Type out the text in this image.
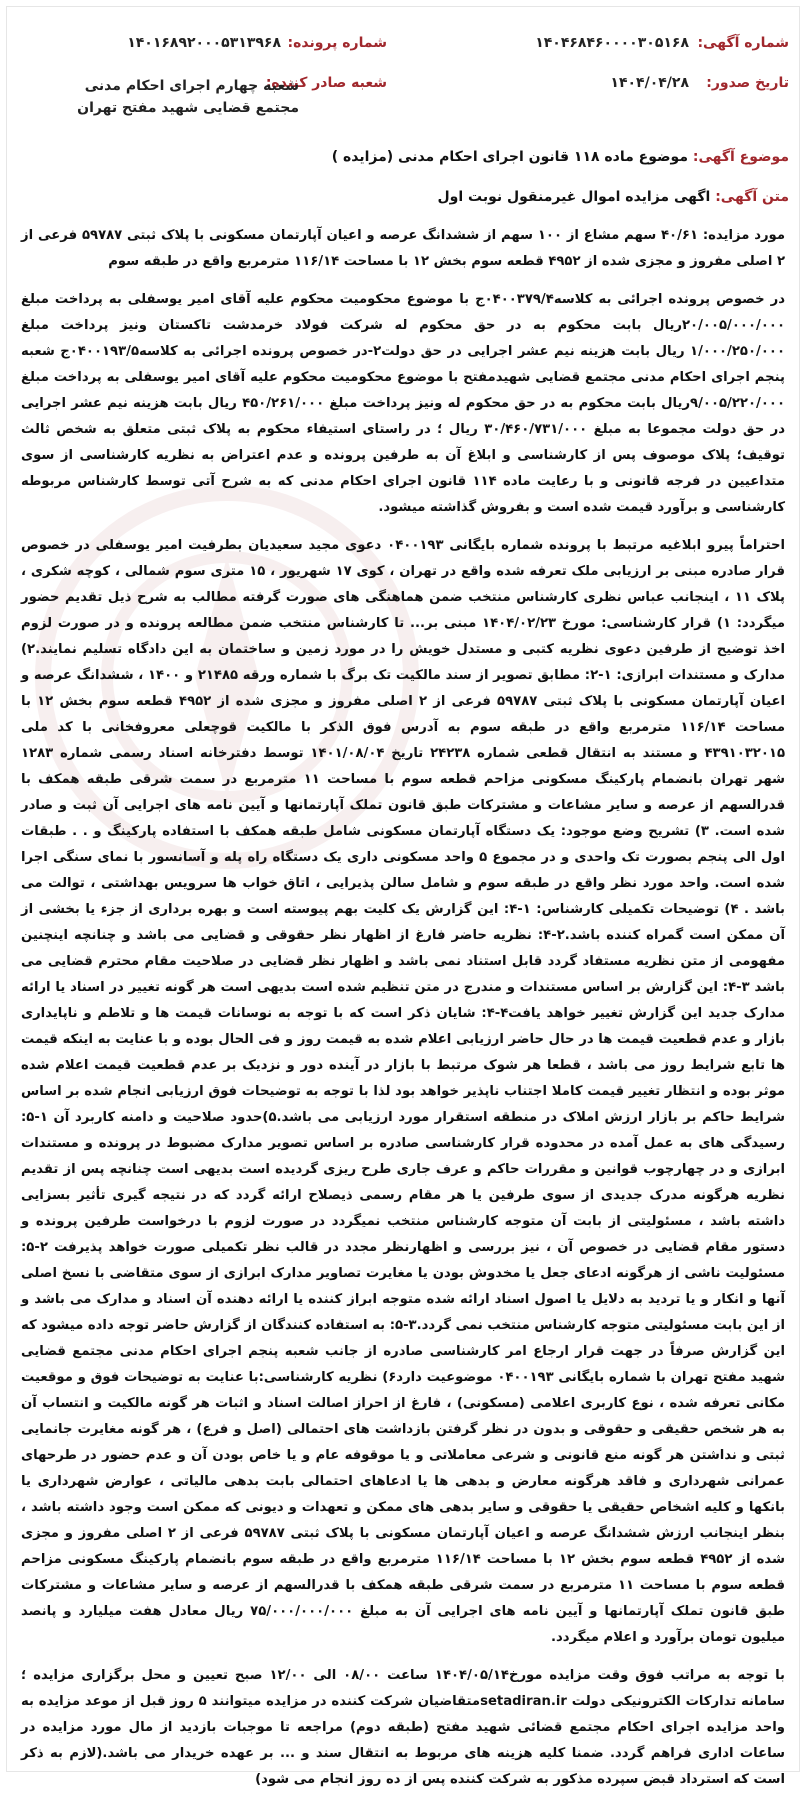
شماره آگهی:
۱۴۰۴۶۸۴۶۰۰۰۰۳۰۵۱۶۸
شماره پرونده:
۱۴۰۱۶۸۹۲۰۰۰۵۳۱۳۹۶۸
تاریخ صدور:
۱۴۰۴/۰۴/۲۸
شعبه صادر کننده:
شعبه چهارم اجرای احکام مدنی مجتمع قضایی شهید مفتح تهران
موضوع آگهی: موضوع ماده ۱۱۸ قانون اجرای احکام مدنی (مزایده )
متن آگهی: اگهی مزایده اموال غیرمنقول نوبت اول

مورد مزایده: ۴۰/۶۱ سهم مشاع از ۱۰۰ سهم از ششدانگ عرصه و اعیان آپارتمان مسکونی با پلاک ثبتی ۵۹۷۸۷ فرعی از ۲ اصلی مفروز و مجزی شده از ۴۹۵۲ قطعه سوم بخش ۱۲ با مساحت ۱۱۶/۱۴ مترمربع واقع در طبقه سوم

در خصوص پرونده اجرائی به کلاسه۰۴۰۰۳۷۹/۴ج با موضوع محکومیت محکوم علیه آقای امیر یوسفلی به پرداخت مبلغ ۲۰/۰۰۵/۰۰۰/۰۰۰ریال بابت محکوم به در حق محکوم له شرکت فولاد خرمدشت تاکستان ونیز پرداخت مبلغ ۱/۰۰۰/۲۵۰/۰۰۰ ریال بابت هزینه نیم عشر اجرایی در حق دولت۲-در خصوص پرونده اجرائی به کلاسه۰۴۰۰۱۹۳/۵ج شعبه پنجم اجرای احکام مدنی مجتمع قضایی شهیدمفتح با موضوع محکومیت محکوم علیه آقای امیر یوسفلی به پرداخت مبلغ ۹/۰۰۵/۲۲۰/۰۰۰ریال بابت محکوم به در حق محکوم له ونیز پرداخت مبلغ ۴۵۰/۲۶۱/۰۰۰ ریال بابت هزینه نیم عشر اجرایی در حق دولت مجموعا به مبلغ ۳۰/۴۶۰/۷۳۱/۰۰۰ ریال ؛ در راستای استیفاء محکوم به پلاک ثبتی متعلق به شخص ثالث توقیف؛ پلاک موصوف پس از کارشناسی و ابلاغ آن به طرفین پرونده و عدم اعتراض به نظریه کارشناسی از سوی متداعیین در فرجه قانونی و با رعایت ماده ۱۱۴ قانون اجرای احکام مدنی که به شرح آتی توسط کارشناس مربوطه کارشناسی و برآورد قیمت شده است و بفروش گذاشته میشود.

احتراماً پیرو ابلاغیه مرتبط با پرونده شماره بایگانی ۰۴۰۰۱۹۳ دعوی مجید سعیدیان بطرفیت امیر یوسفلی در خصوص قرار صادره مبنی بر ارزیابی ملک تعرفه شده واقع در تهران ، کوی ۱۷ شهریور ، ۱۵ متری سوم شمالی ، کوچه شکری ، پلاک ۱۱ ، اینجانب عباس نظری کارشناس منتخب ضمن هماهنگی های صورت گرفته مطالب به شرح ذیل تقدیم حضور میگردد: ۱) قرار کارشناسی: مورخ ۱۴۰۴/۰۲/۲۳ مبنی بر... تا کارشناس منتخب ضمن مطالعه پرونده و در صورت لزوم اخذ توضیح از طرفین دعوی نظریه کتبی و مستدل خویش را در مورد زمین و ساختمان به این دادگاه تسلیم نمایند.۲) مدارک و مستندات ابرازی: ۱-۲: مطابق تصویر از سند مالکیت تک برگ با شماره ورقه ۲۱۴۸۵ و ۱۴۰۰ ، ششدانگ عرصه و اعیان آپارتمان مسکونی با پلاک ثبتی ۵۹۷۸۷ فرعی از ۲ اصلی مفروز و مجزی شده از ۴۹۵۲ قطعه سوم بخش ۱۲ با مساحت ۱۱۶/۱۴ مترمربع واقع در طبقه سوم به آدرس فوق الذکر با مالکیت قوچعلی معروفخانی با کد ملی ۴۳۹۱۰۳۲۰۱۵ و مستند به انتقال قطعی شماره ۲۴۲۳۸ تاریخ ۱۴۰۱/۰۸/۰۴ توسط دفترخانه اسناد رسمی شماره ۱۲۸۳ شهر تهران بانضمام پارکینگ مسکونی مزاحم قطعه سوم با مساحت ۱۱ مترمربع در سمت شرقی طبقه همکف با قدرالسهم از عرصه و سایر مشاعات و مشترکات طبق قانون تملک آپارتمانها و آیین نامه های اجرایی آن ثبت و صادر شده است. ۳) تشریح وضع موجود: یک دستگاه آپارتمان مسکونی شامل طبقه همکف با استفاده پارکینگ و . . طبقات اول الی پنجم بصورت تک واحدی و در مجموع ۵ واحد مسکونی داری یک دستگاه راه پله و آسانسور با نمای سنگی اجرا شده است. واحد مورد نظر واقع در طبقه سوم و شامل سالن پذیرایی ، اتاق خواب ها سرویس بهداشتی ، توالت می باشد . ۴) توضیحات تکمیلی کارشناس: ۱-۴: این گزارش یک کلیت بهم پیوسته است و بهره برداری از جزء یا بخشی از آن ممکن است گمراه کننده باشد.۲-۴: نظریه حاضر فارغ از اظهار نظر حقوقی و قضایی می باشد و چنانچه اینچنین مفهومی از متن نظریه مستفاد گردد قابل استناد نمی باشد و اظهار نظر قضایی در صلاحیت مقام محترم قضایی می باشد ۳-۴: این گزارش بر اساس مستندات و مندرج در متن تنظیم شده است بدیهی است هر گونه تغییر در اسناد یا ارائه مدارک جدید این گزارش تغییر خواهد یافت۴-۴: شایان ذکر است که با توجه به نوسانات قیمت ها و تلاطم و ناپایداری بازار و عدم قطعیت قیمت ها در حال حاضر ارزیابی اعلام شده به قیمت روز و فی الحال بوده و با عنایت به اینکه قیمت ها تابع شرایط روز می باشد ، قطعا هر شوک مرتبط با بازار در آینده دور و نزدیک بر عدم قطعیت قیمت اعلام شده موثر بوده و انتظار تغییر قیمت کاملا اجتناب ناپذیر خواهد بود لذا با توجه به توضیحات فوق ارزیابی انجام شده بر اساس شرایط حاکم بر بازار ارزش املاک در منطقه استقرار مورد ارزیابی می باشد.۵)حدود صلاحیت و دامنه کاربرد آن ۱-۵: رسیدگی های به عمل آمده در محدوده قرار کارشناسی صادره بر اساس تصویر مدارک مضبوط در پرونده و مستندات ابرازی و در چهارچوب قوانین و مقررات حاکم و عرف جاری طرح ریزی گردیده است بدیهی است چنانچه پس از تقدیم نظریه هرگونه مدرک جدیدی از سوی طرفین یا هر مقام رسمی ذیصلاح ارائه گردد که در نتیجه گیری تأثیر بسزایی داشته باشد ، مسئولیتی از بابت آن متوجه کارشناس منتخب نمیگردد در صورت لزوم با درخواست طرفین پرونده و دستور مقام قضایی در خصوص آن ، نیز بررسی و اظهارنظر مجدد در قالب نظر تکمیلی صورت خواهد پذیرفت ۲-۵: مسئولیت ناشی از هرگونه ادعای جعل یا مخدوش بودن یا مغایرت تصاویر مدارک ابرازی از سوی متقاضی با نسخ اصلی آنها و انکار و یا تردید به دلایل یا اصول اسناد ارائه شده متوجه ابراز کننده یا ارائه دهنده آن اسناد و مدارک می باشد و از این بابت مسئولیتی متوجه کارشناس منتخب نمی گردد.۳-۵: به استفاده کنندگان از گزارش حاضر توجه داده میشود که این گزارش صرفاً در جهت قرار ارجاع امر کارشناسی صادره از جانب شعبه پنجم اجرای احکام مدنی مجتمع قضایی شهید مفتح تهران با شماره بایگانی ۰۴۰۰۱۹۳ موضوعیت دارد۶) نظریه کارشناسی:با عنایت به توضیحات فوق و موقعیت مکانی تعرفه شده ، نوع کاربری اعلامی (مسکونی) ، فارغ از احراز اصالت اسناد و اثبات هر گونه مالکیت و انتساب آن به هر شخص حقیقی و حقوقی و بدون در نظر گرفتن بازداشت های احتمالی (اصل و فرع) ، هر گونه مغایرت جانمایی ثبتی و نداشتن هر گونه منع قانونی و شرعی معاملاتی و یا موقوفه عام و یا خاص بودن آن و عدم حضور در طرحهای عمرانی شهرداری و فاقد هرگونه معارض و بدهی ها یا ادعاهای احتمالی بابت بدهی مالیاتی ، عوارض شهرداری یا بانکها و کلیه اشخاص حقیقی یا حقوقی و سایر بدهی های ممکن و تعهدات و دیونی که ممکن است وجود داشته باشد ، بنظر اینجانب ارزش ششدانگ عرصه و اعیان آپارتمان مسکونی با پلاک ثبتی ۵۹۷۸۷ فرعی از ۲ اصلی مفروز و مجزی شده از ۴۹۵۲ قطعه سوم بخش ۱۲ با مساحت ۱۱۶/۱۴ مترمربع واقع در طبقه سوم بانضمام پارکینگ مسکونی مزاحم قطعه سوم با مساحت ۱۱ مترمربع در سمت شرقی طبقه همکف با قدرالسهم از عرصه و سایر مشاعات و مشترکات طبق قانون تملک آپارتمانها و آیین نامه های اجرایی آن به مبلغ ۷۵/۰۰۰/۰۰۰/۰۰۰ ریال معادل هفت میلیارد و پانصد میلیون تومان برآورد و اعلام میگردد.

با توجه به مراتب فوق وقت مزایده مورخ۱۴۰۴/۰۵/۱۴ ساعت ۰۸/۰۰ الی ۱۲/۰۰ صبح تعیین و محل برگزاری مزایده ؛سامانه تدارکات الکترونیکی دولت setadiran.irمتقاضیان شرکت کننده در مزایده میتوانند ۵ روز قبل از موعد مزایده به واحد مزایده اجرای احکام مجتمع قضائی شهید مفتح (طبقه دوم) مراجعه تا موجبات بازدید از مال مورد مزایده در ساعات اداری فراهم گردد. ضمنا کلیه هزینه های مربوط به انتقال سند و ... بر عهده خریدار می باشد.(لازم به ذکر است که استرداد قبض سپرده مذکور به شرکت کننده پس از ده روز انجام می شود)
